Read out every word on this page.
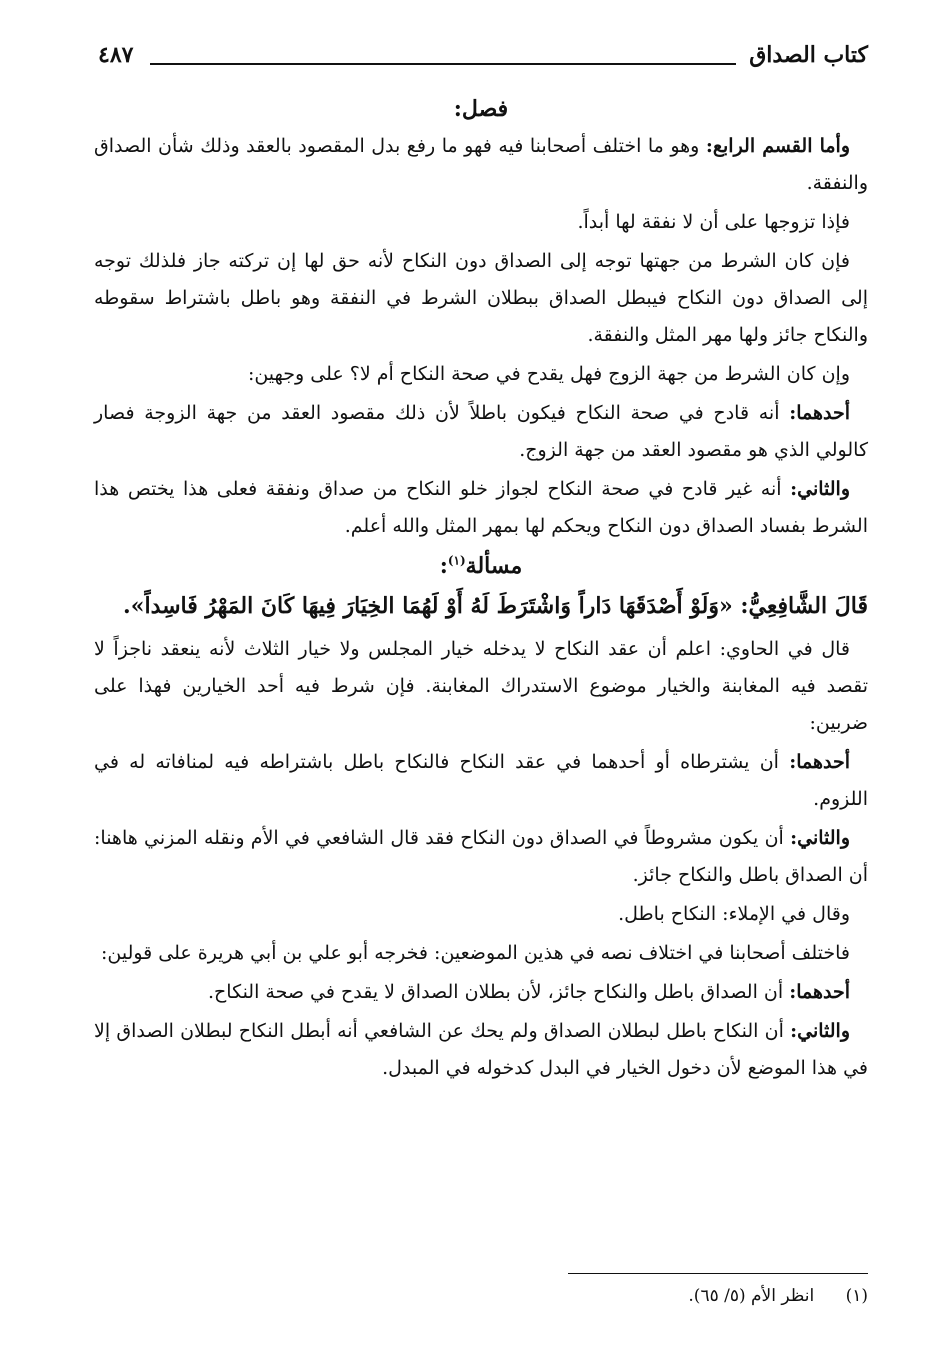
كتاب الصداق
٤٨٧
فصل:

وأما القسم الرابع: وهو ما اختلف أصحابنا فيه فهو ما رفع بدل المقصود بالعقد وذلك شأن الصداق والنفقة.

فإذا تزوجها على أن لا نفقة لها أبداً.

فإن كان الشرط من جهتها توجه إلى الصداق دون النكاح لأنه حق لها إن تركته جاز فلذلك توجه إلى الصداق دون النكاح فيبطل الصداق ببطلان الشرط في النفقة وهو باطل باشتراط سقوطه والنكاح جائز ولها مهر المثل والنفقة.

وإن كان الشرط من جهة الزوج فهل يقدح في صحة النكاح أم لا؟ على وجهين:

أحدهما: أنه قادح في صحة النكاح فيكون باطلاً لأن ذلك مقصود العقد من جهة الزوجة فصار كالولي الذي هو مقصود العقد من جهة الزوج.

والثاني: أنه غير قادح في صحة النكاح لجواز خلو النكاح من صداق ونفقة فعلى هذا يختص هذا الشرط بفساد الصداق دون النكاح ويحكم لها بمهر المثل والله أعلم.

مسألة$^{(١)}$:

قَالَ الشَّافِعِيُّ: «وَلَوْ أَصْدَقَهَا دَاراً وَاشْتَرَطَ لَهُ أَوْ لَهُمَا الخِيَارَ فِيهَا كَانَ المَهْرُ فَاسِداً».

قال في الحاوي: اعلم أن عقد النكاح لا يدخله خيار المجلس ولا خيار الثلاث لأنه ينعقد ناجزاً لا تقصد فيه المغابنة والخيار موضوع الاستدراك المغابنة. فإن شرط فيه أحد الخيارين فهذا على ضربين:

أحدهما: أن يشترطاه أو أحدهما في عقد النكاح فالنكاح باطل باشتراطه فيه لمنافاته له في اللزوم.

والثاني: أن يكون مشروطاً في الصداق دون النكاح فقد قال الشافعي في الأم ونقله المزني هاهنا: أن الصداق باطل والنكاح جائز.

وقال في الإملاء: النكاح باطل.

فاختلف أصحابنا في اختلاف نصه في هذين الموضعين: فخرجه أبو علي بن أبي هريرة على قولين:

أحدهما: أن الصداق باطل والنكاح جائز، لأن بطلان الصداق لا يقدح في صحة النكاح.

والثاني: أن النكاح باطل لبطلان الصداق ولم يحك عن الشافعي أنه أبطل النكاح لبطلان الصداق إلا في هذا الموضع لأن دخول الخيار في البدل كدخوله في المبدل.

(١) انظر الأم (٥/ ٦٥).
